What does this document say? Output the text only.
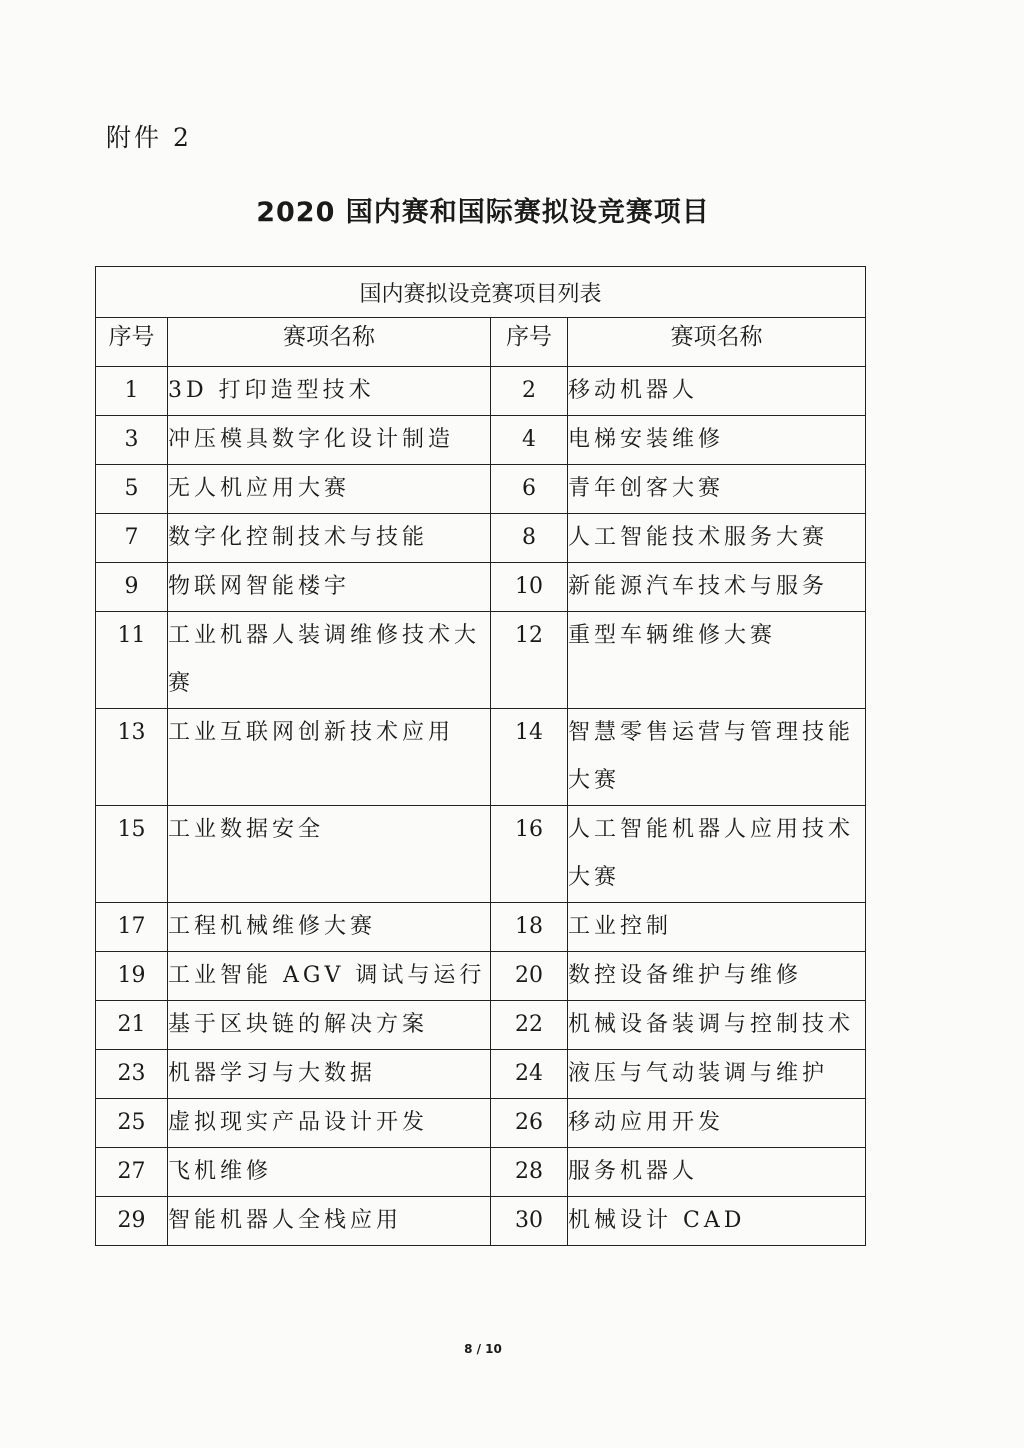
附件 2
2020 国内赛和国际赛拟设竞赛项目
国内赛拟设竞赛项目列表			
序号	赛项名称	序号	赛项名称
1	3D 打印造型技术	2	移动机器人
3	冲压模具数字化设计制造	4	电梯安装维修
5	无人机应用大赛	6	青年创客大赛
7	数字化控制技术与技能	8	人工智能技术服务大赛
9	物联网智能楼宇	10	新能源汽车技术与服务
11	工业机器人装调维修技术大赛	12	重型车辆维修大赛
13	工业互联网创新技术应用	14	智慧零售运营与管理技能大赛
15	工业数据安全	16	人工智能机器人应用技术大赛
17	工程机械维修大赛	18	工业控制
19	工业智能 AGV 调试与运行	20	数控设备维护与维修
21	基于区块链的解决方案	22	机械设备装调与控制技术
23	机器学习与大数据	24	液压与气动装调与维护
25	虚拟现实产品设计开发	26	移动应用开发
27	飞机维修	28	服务机器人
29	智能机器人全栈应用	30	机械设计 CAD
8 / 10
